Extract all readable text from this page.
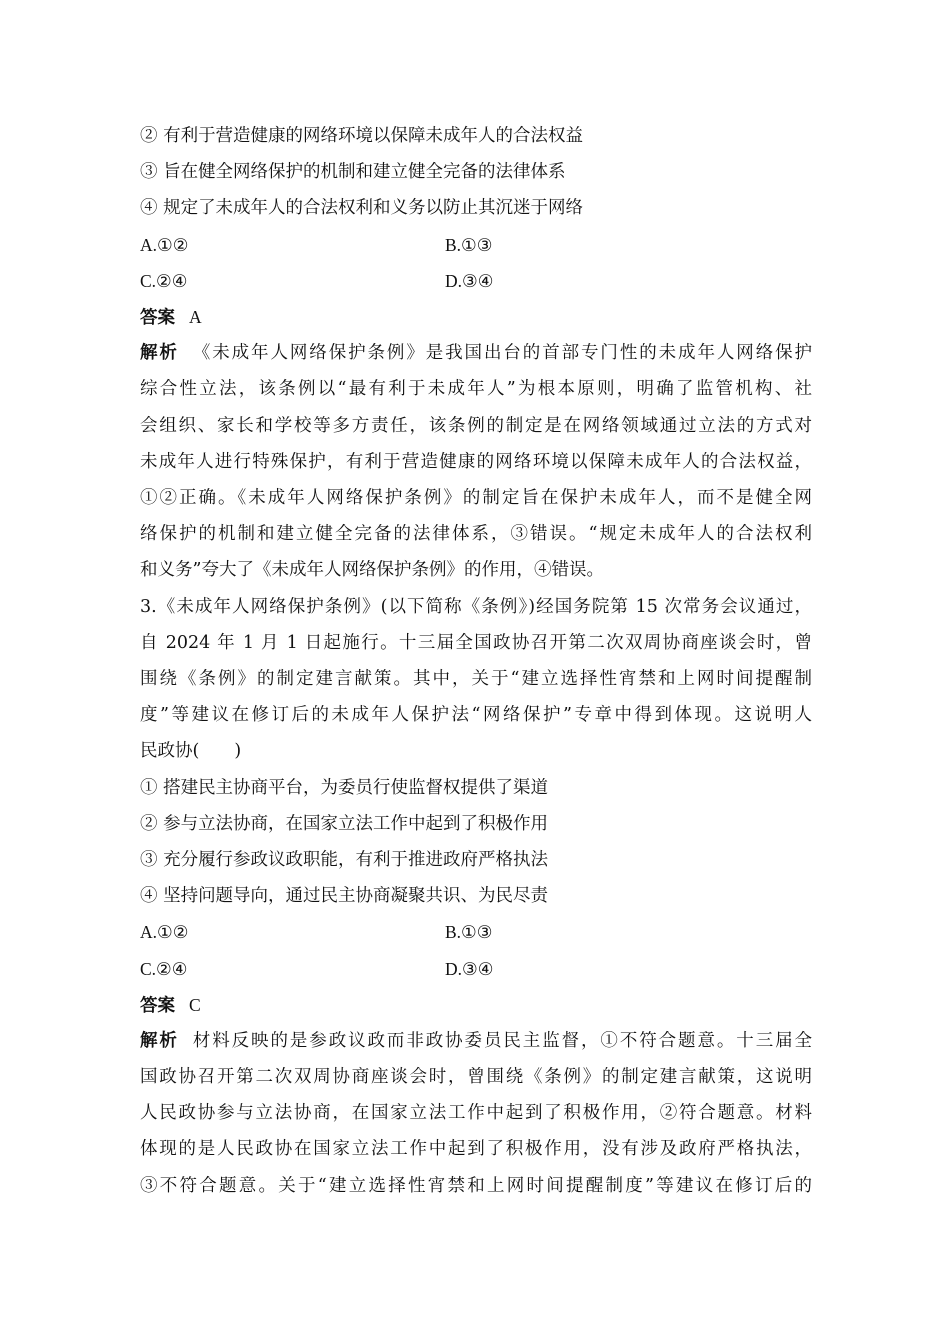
② 有利于营造健康的网络环境以保障未成年人的合法权益
③ 旨在健全网络保护的机制和建立健全完备的法律体系
④ 规定了未成年人的合法权利和义务以防止其沉迷于网络
A.①②	B.①③
C.②④	D.③④
答案 A
解析 《未成年人网络保护条例》是我国出台的首部专门性的未成年人网络保护
综合性立法，该条例以“最有利于未成年人”为根本原则，明确了监管机构、社
会组织、家长和学校等多方责任，该条例的制定是在网络领域通过立法的方式对
未成年人进行特殊保护，有利于营造健康的网络环境以保障未成年人的合法权益，
①②正确。《未成年人网络保护条例》的制定旨在保护未成年人，而不是健全网
络保护的机制和建立健全完备的法律体系，③错误。“规定未成年人的合法权利
和义务”夸大了《未成年人网络保护条例》的作用，④错误。
3.《未成年人网络保护条例》(以下简称《条例》)经国务院第 15 次常务会议通过，
自 2024 年 1 月 1 日起施行。十三届全国政协召开第二次双周协商座谈会时，曾
围绕《条例》的制定建言献策。其中，关于“建立选择性宵禁和上网时间提醒制
度”等建议在修订后的未成年人保护法“网络保护”专章中得到体现。这说明人
民政协(　　)
① 搭建民主协商平台，为委员行使监督权提供了渠道
② 参与立法协商，在国家立法工作中起到了积极作用
③ 充分履行参政议政职能，有利于推进政府严格执法
④ 坚持问题导向，通过民主协商凝聚共识、为民尽责
A.①②	B.①③
C.②④	D.③④
答案 C
解析 材料反映的是参政议政而非政协委员民主监督，①不符合题意。十三届全
国政协召开第二次双周协商座谈会时，曾围绕《条例》的制定建言献策，这说明
人民政协参与立法协商，在国家立法工作中起到了积极作用，②符合题意。材料
体现的是人民政协在国家立法工作中起到了积极作用，没有涉及政府严格执法，
③不符合题意。关于“建立选择性宵禁和上网时间提醒制度”等建议在修订后的
